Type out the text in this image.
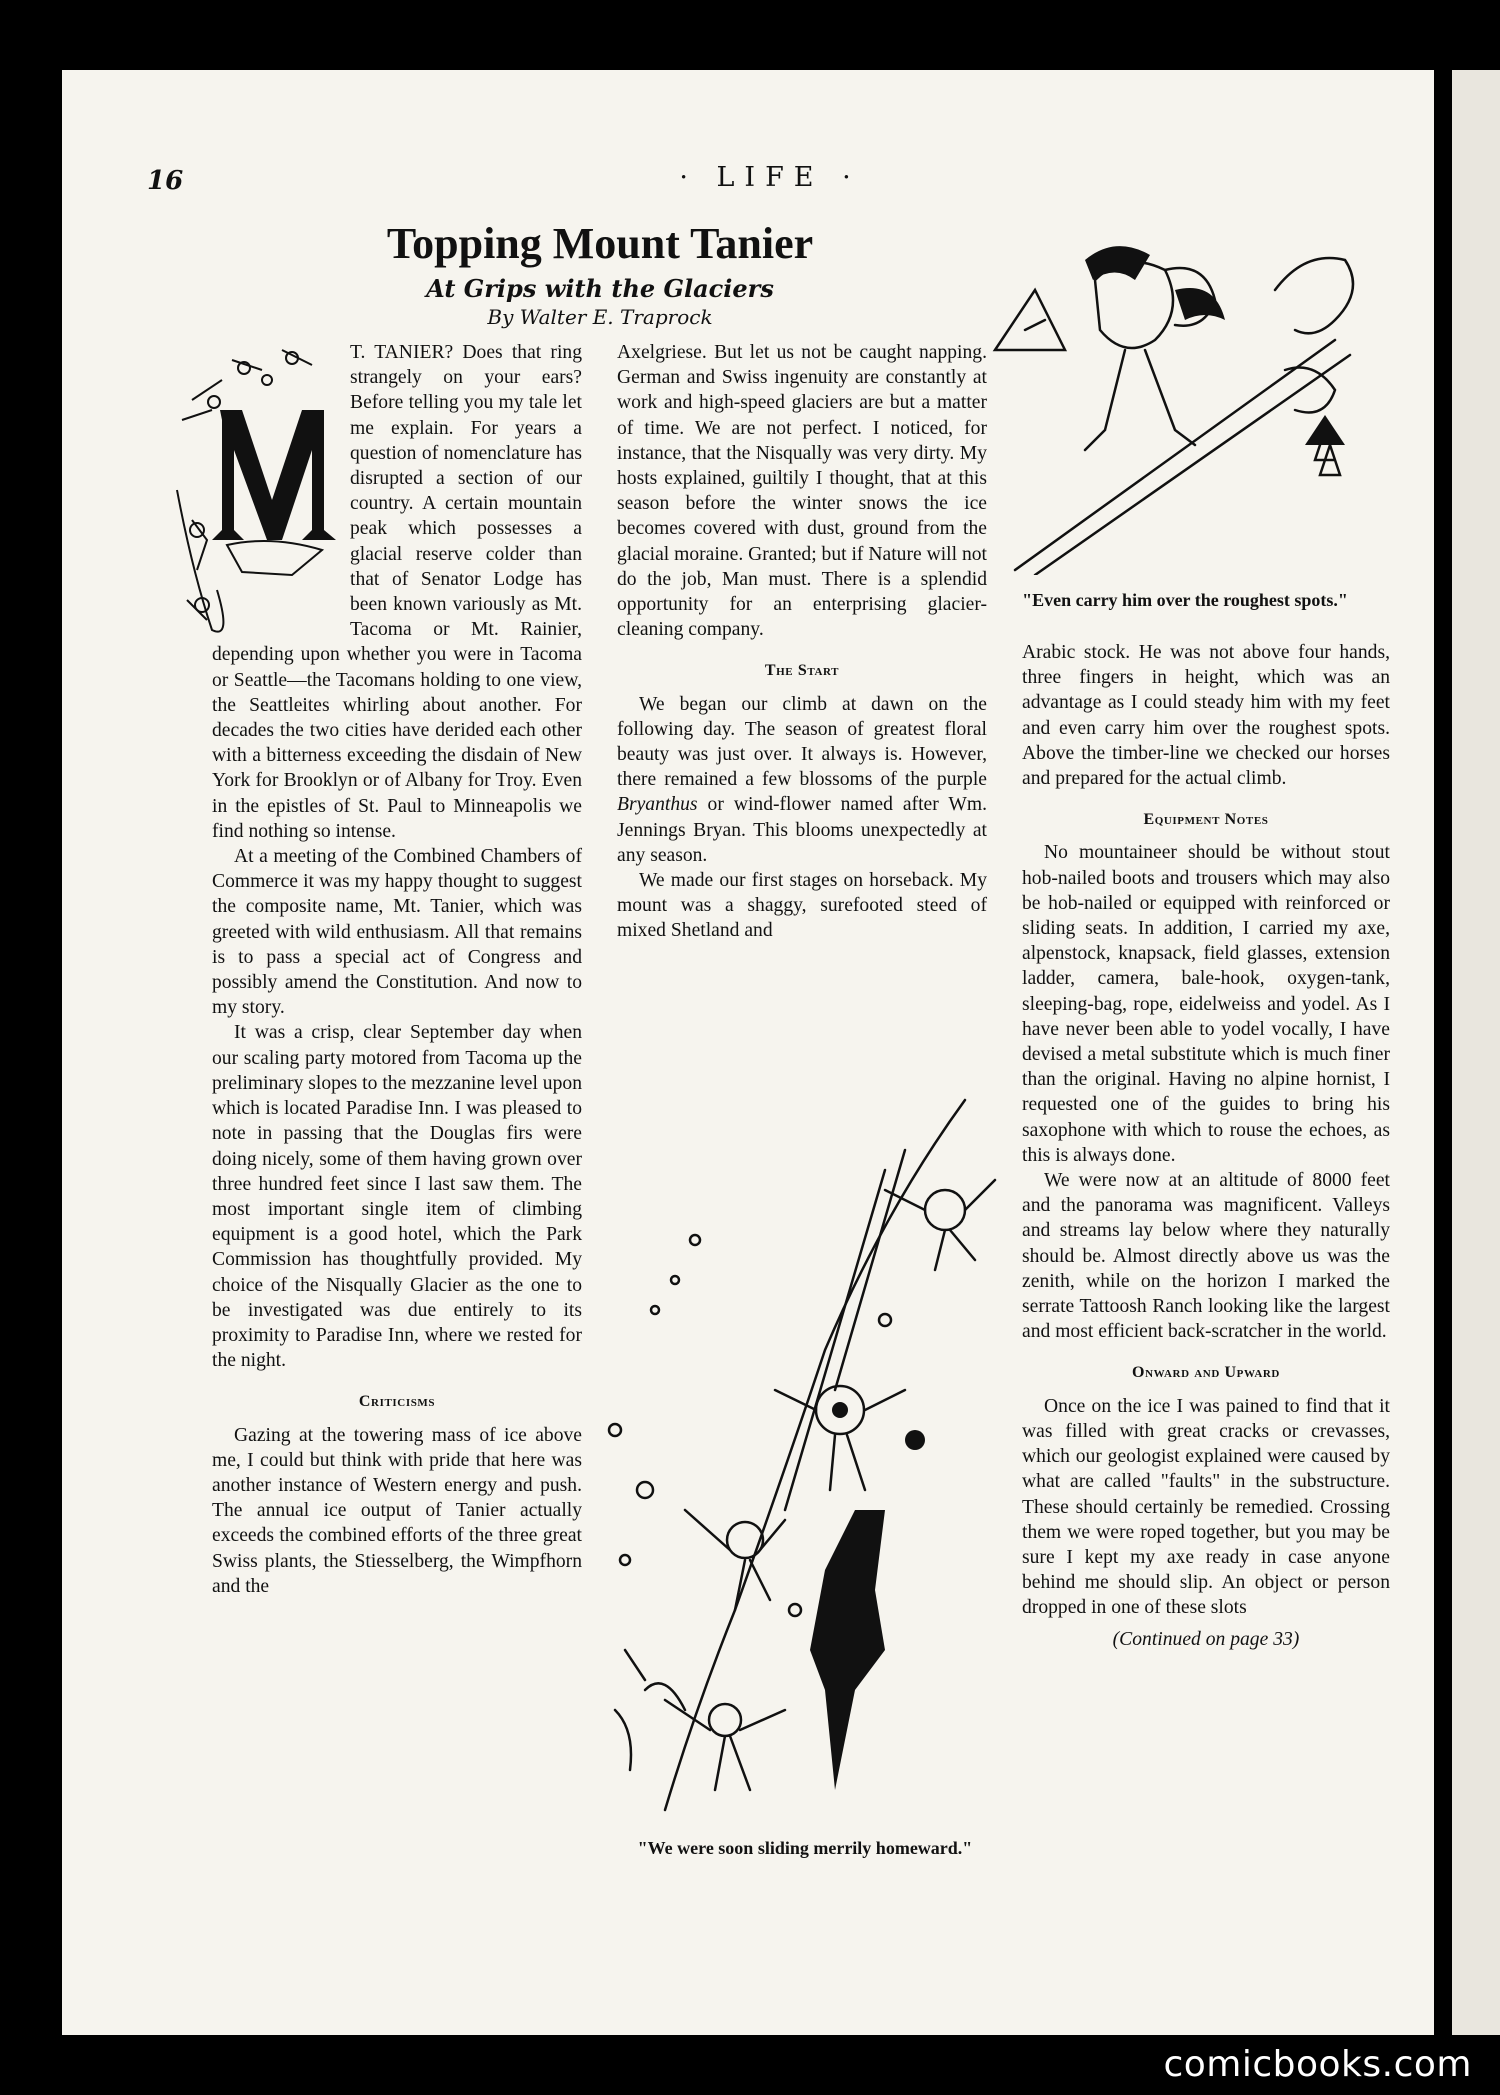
16	· LIFE ·
Topping Mount Tanier
At Grips with the Glaciers
By Walter E. Traprock

T. TANIER? Does that ring strangely on your ears? Before telling you my tale let me explain. For years a question of nomenclature has disrupted a section of our country. A certain mountain peak which possesses a glacial reserve colder than that of Senator Lodge has been known variously as Mt. Tacoma or Mt. Rainier, depending upon whether you were in Tacoma or Seattle—the Tacomans holding to one view, the Seattleites whirling about another. For decades the two cities have derided each other with a bitterness exceeding the disdain of New York for Brooklyn or of Albany for Troy. Even in the epistles of St. Paul to Minneapolis we find nothing so intense.

At a meeting of the Combined Chambers of Commerce it was my happy thought to suggest the composite name, Mt. Tanier, which was greeted with wild enthusiasm. All that remains is to pass a special act of Congress and possibly amend the Constitution. And now to my story.

It was a crisp, clear September day when our scaling party motored from Tacoma up the preliminary slopes to the mezzanine level upon which is located Paradise Inn. I was pleased to note in passing that the Douglas firs were doing nicely, some of them having grown over three hundred feet since I last saw them. The most important single item of climbing equipment is a good hotel, which the Park Commission has thoughtfully provided. My choice of the Nisqually Glacier as the one to be investigated was due entirely to its proximity to Paradise Inn, where we rested for the night.

Criticisms

Gazing at the towering mass of ice above me, I could but think with pride that here was another instance of Western energy and push. The annual ice output of Tanier actually exceeds the combined efforts of the three great Swiss plants, the Stiesselberg, the Wimpfhorn and the

Axelgriese. But let us not be caught napping. German and Swiss ingenuity are constantly at work and high-speed glaciers are but a matter of time. We are not perfect. I noticed, for instance, that the Nisqually was very dirty. My hosts explained, guiltily I thought, that at this season before the winter snows the ice becomes covered with dust, ground from the glacial moraine. Granted; but if Nature will not do the job, Man must. There is a splendid opportunity for an enterprising glacier-cleaning company.

The Start

We began our climb at dawn on the following day. The season of greatest floral beauty was just over. It always is. However, there remained a few blossoms of the purple Bryanthus or wind-flower named after Wm. Jennings Bryan. This blooms unexpectedly at any season.

We made our first stages on horseback. My mount was a shaggy, surefooted steed of mixed Shetland and

Arabic stock. He was not above four hands, three fingers in height, which was an advantage as I could steady him with my feet and even carry him over the roughest spots. Above the timber-line we checked our horses and prepared for the actual climb.

Equipment Notes

No mountaineer should be without stout hob-nailed boots and trousers which may also be hob-nailed or equipped with reinforced or sliding seats. In addition, I carried my axe, alpenstock, knapsack, field glasses, extension ladder, camera, bale-hook, oxygen-tank, sleeping-bag, rope, eidelweiss and yodel. As I have never been able to yodel vocally, I have devised a metal substitute which is much finer than the original. Having no alpine hornist, I requested one of the guides to bring his saxophone with which to rouse the echoes, as this is always done.

We were now at an altitude of 8000 feet and the panorama was magnificent. Valleys and streams lay below where they naturally should be. Almost directly above us was the zenith, while on the horizon I marked the serrate Tattoosh Ranch looking like the largest and most efficient back-scratcher in the world.

Onward and Upward

Once on the ice I was pained to find that it was filled with great cracks or crevasses, which our geologist explained were caused by what are called "faults" in the substructure. These should certainly be remedied. Crossing them we were roped together, but you may be sure I kept my axe ready in case anyone behind me should slip. An object or person dropped in one of these slots

(Continued on page 33)
"Even carry him over the roughest spots."
"We were soon sliding merrily homeward."
comicbooks.com
